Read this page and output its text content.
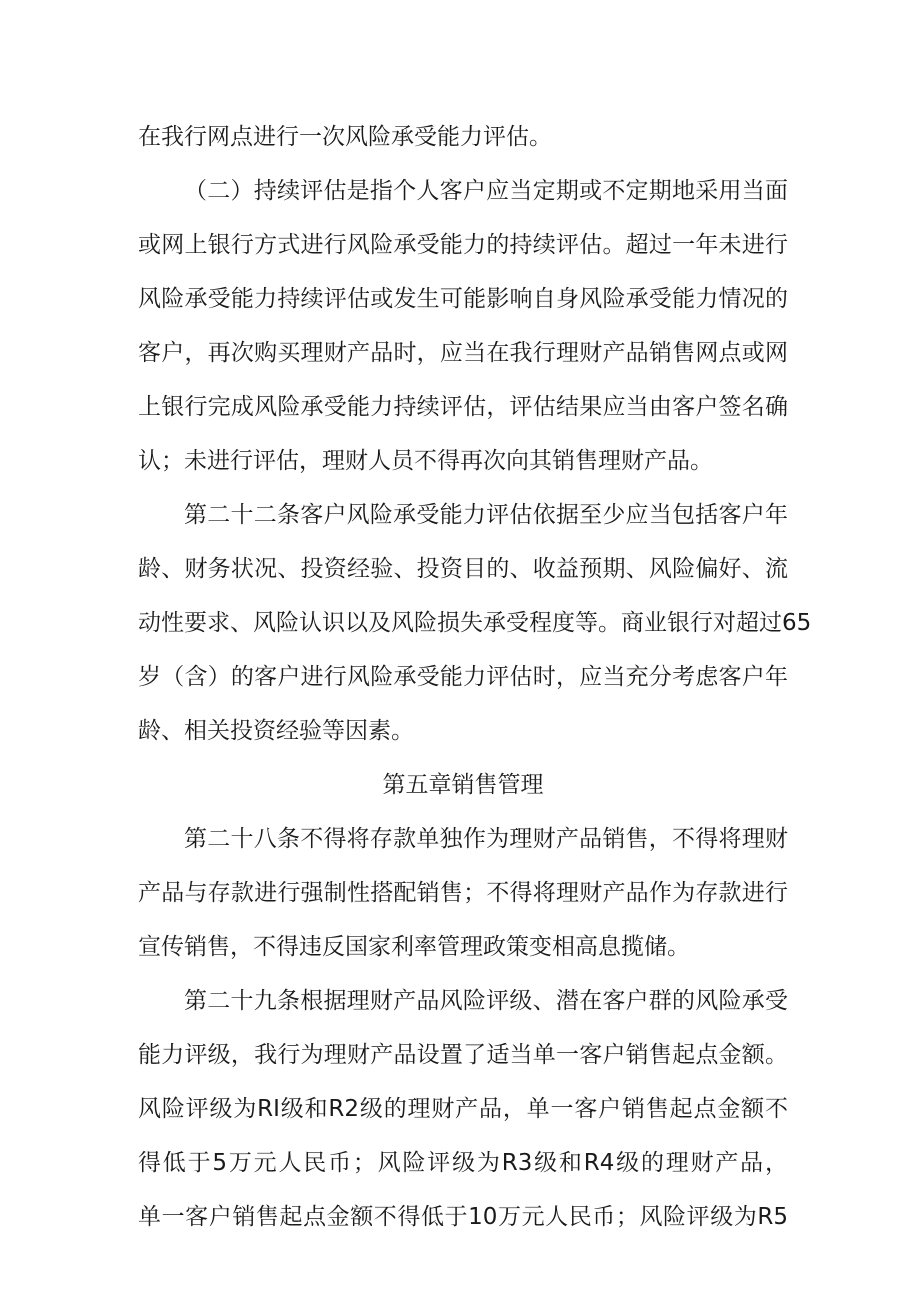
在我行网点进行一次风险承受能力评估。
（二）持续评估是指个人客户应当定期或不定期地采用当面
或网上银行方式进行风险承受能力的持续评估。超过一年未进行
风险承受能力持续评估或发生可能影响自身风险承受能力情况的
客户，再次购买理财产品时，应当在我行理财产品销售网点或网
上银行完成风险承受能力持续评估，评估结果应当由客户签名确
认；未进行评估，理财人员不得再次向其销售理财产品。
第二十二条客户风险承受能力评估依据至少应当包括客户年
龄、财务状况、投资经验、投资目的、收益预期、风险偏好、流
动性要求、风险认识以及风险损失承受程度等。商业银行对超过65
岁（含）的客户进行风险承受能力评估时，应当充分考虑客户年
龄、相关投资经验等因素。
第五章销售管理
第二十八条不得将存款单独作为理财产品销售，不得将理财
产品与存款进行强制性搭配销售；不得将理财产品作为存款进行
宣传销售，不得违反国家利率管理政策变相高息揽储。
第二十九条根据理财产品风险评级、潜在客户群的风险承受
能力评级，我行为理财产品设置了适当单一客户销售起点金额。
风险评级为RI级和R2级的理财产品，单一客户销售起点金额不
得低于5万元人民币；风险评级为R3级和R4级的理财产品，
单一客户销售起点金额不得低于10万元人民币；风险评级为R5
